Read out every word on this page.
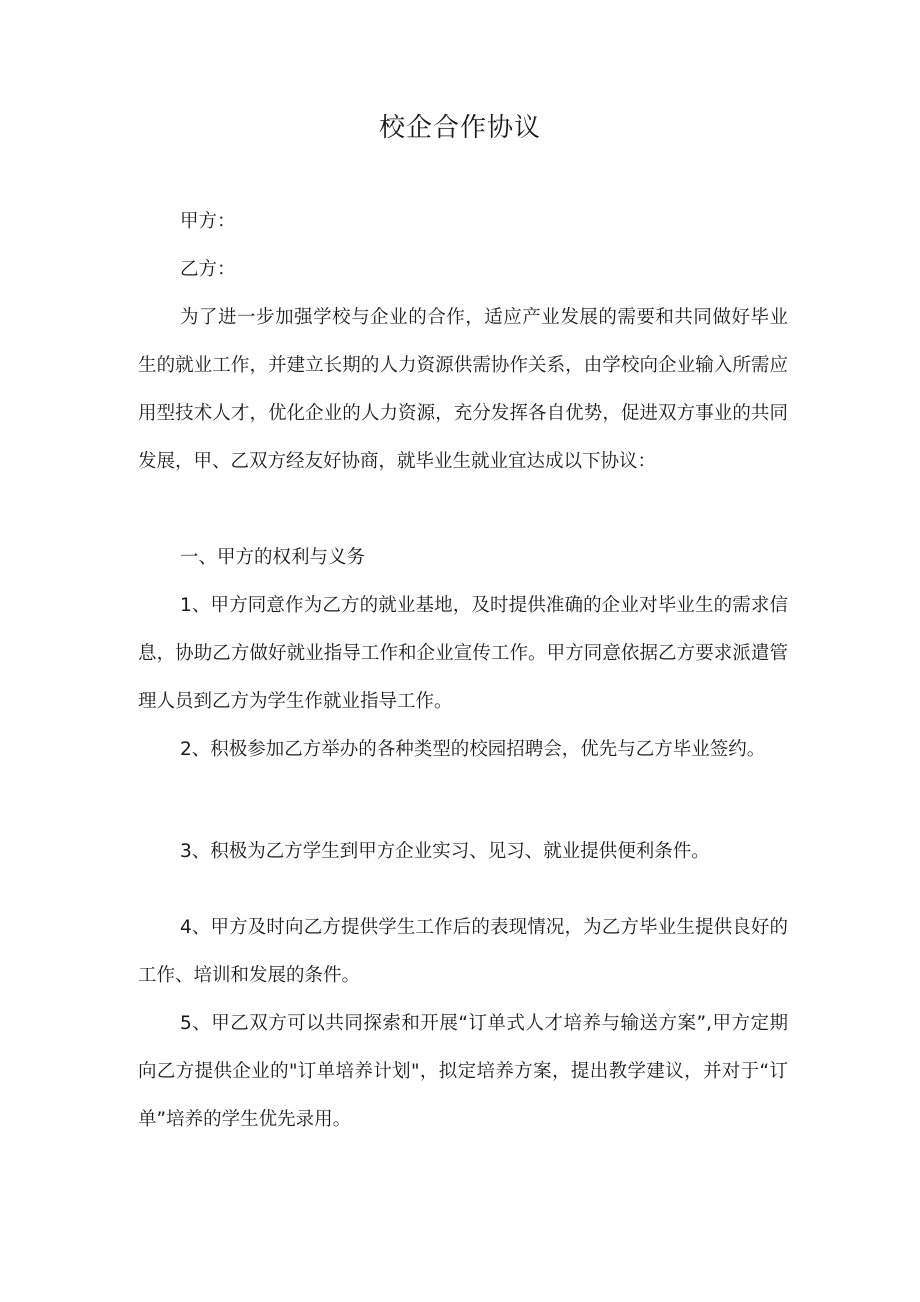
校企合作协议

甲方：

乙方：

为了进一步加强学校与企业的合作，适应产业发展的需要和共同做好毕业生的就业工作，并建立长期的人力资源供需协作关系，由学校向企业输入所需应用型技术人才，优化企业的人力资源，充分发挥各自优势，促进双方事业的共同发展，甲、乙双方经友好协商，就毕业生就业宜达成以下协议：

一、甲方的权利与义务

1、甲方同意作为乙方的就业基地，及时提供准确的企业对毕业生的需求信息，协助乙方做好就业指导工作和企业宣传工作。甲方同意依据乙方要求派遣管理人员到乙方为学生作就业指导工作。

2、积极参加乙方举办的各种类型的校园招聘会，优先与乙方毕业签约。

3、积极为乙方学生到甲方企业实习、见习、就业提供便利条件。

4、甲方及时向乙方提供学生工作后的表现情况，为乙方毕业生提供良好的工作、培训和发展的条件。

5、甲乙双方可以共同探索和开展“订单式人才培养与输送方案”,甲方定期向乙方提供企业的"订单培养计划"，拟定培养方案，提出教学建议，并对于“订单”培养的学生优先录用。
